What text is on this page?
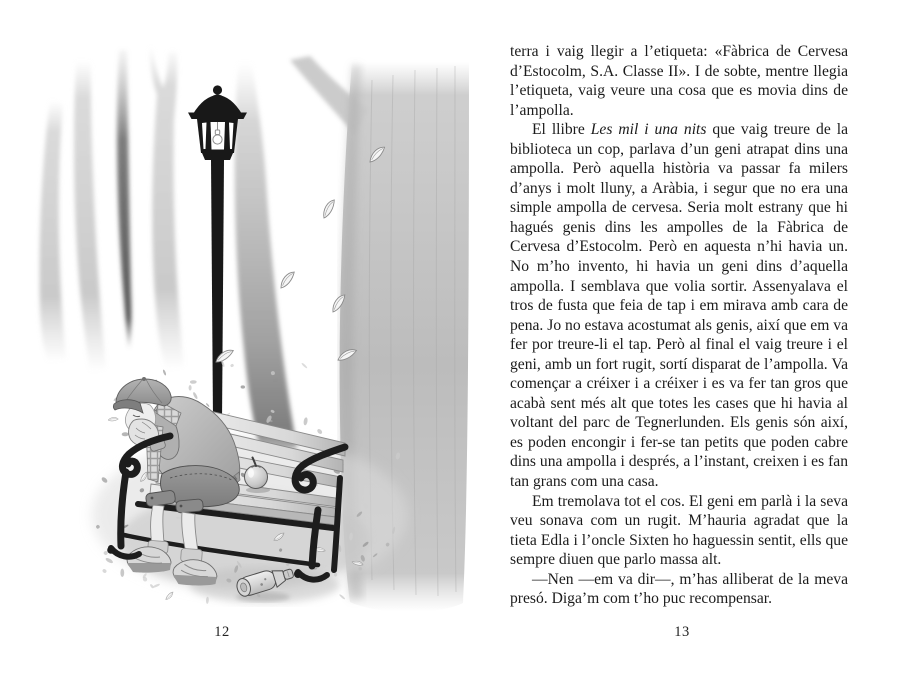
12

terra i vaig llegir a l’etiqueta: «Fàbrica de Cervesa d’Estocolm, S.A. Classe II». I de sobte, mentre llegia l’etiqueta, vaig veure una cosa que es movia dins de l’ampolla.

El llibre Les mil i una nits que vaig treure de la biblioteca un cop, parlava d’un geni atrapat dins una ampolla. Però aquella història va passar fa milers d’anys i molt lluny, a Aràbia, i segur que no era una simple ampolla de cervesa. Seria molt estrany que hi hagués genis dins les ampolles de la Fàbrica de Cervesa d’Estocolm. Però en aquesta n’hi havia un. No m’ho invento, hi havia un geni dins d’aquella ampolla. I semblava que volia sortir. Assenyalava el tros de fusta que feia de tap i em mirava amb cara de pena. Jo no estava acostumat als genis, així que em va fer por treure-li el tap. Però al final el vaig treure i el geni, amb un fort rugit, sortí disparat de l’ampolla. Va començar a créixer i a créixer i es va fer tan gros que acabà sent més alt que totes les cases que hi havia al voltant del parc de Tegnerlunden. Els genis són així, es poden encongir i fer-se tan petits que poden cabre dins una ampolla i després, a l’instant, creixen i es fan tan grans com una casa.

Em tremolava tot el cos. El geni em parlà i la seva veu sonava com un rugit. M’hauria agradat que la tieta Edla i l’oncle Sixten ho haguessin sentit, ells que sempre diuen que parlo massa alt.

—Nen —em va dir—, m’has alliberat de la meva presó. Diga’m com t’ho puc recompensar.

13
